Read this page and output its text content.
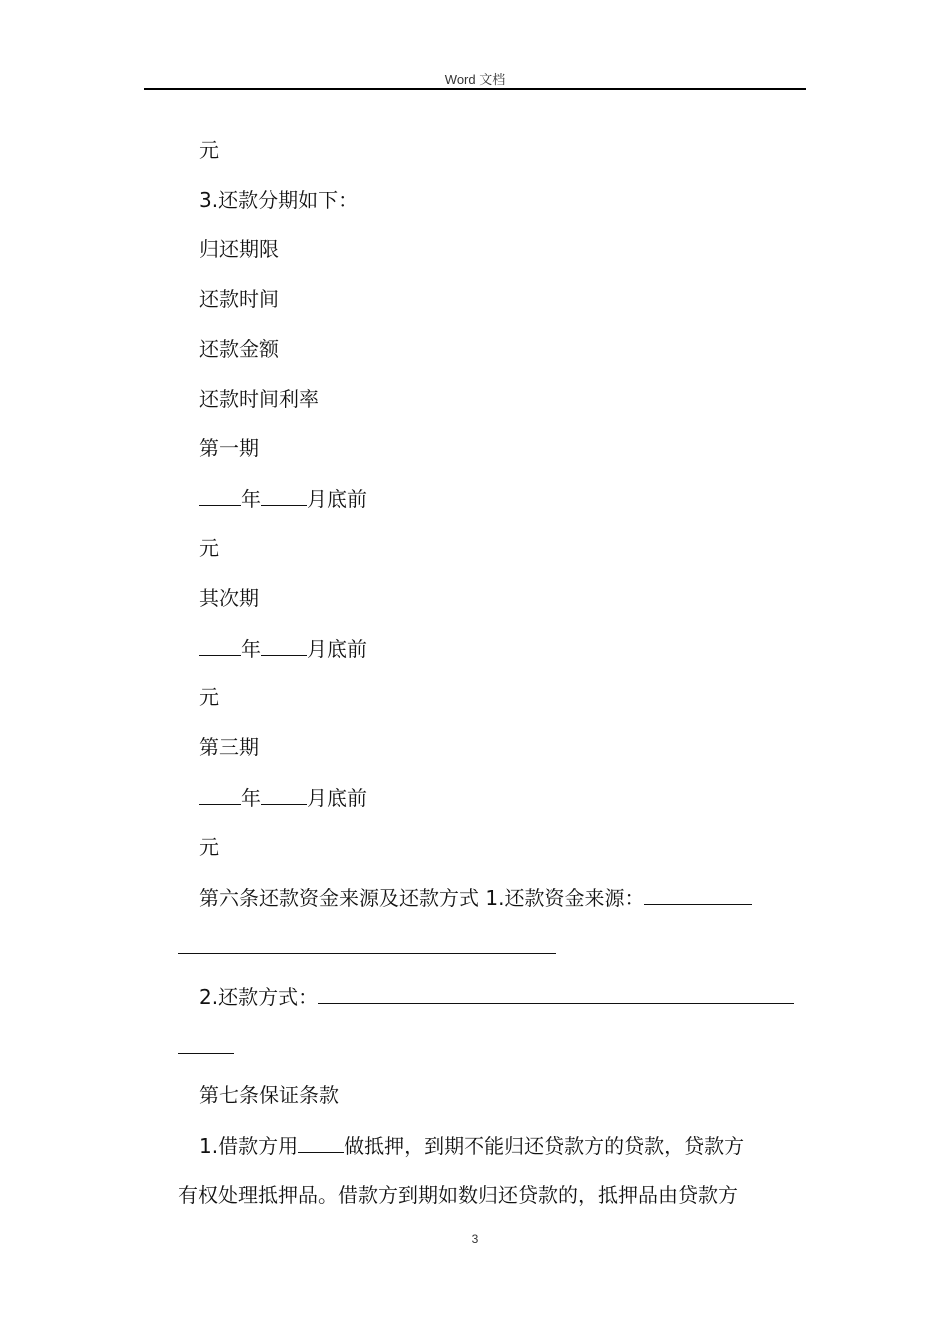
Word 文档
元
3.还款分期如下：
归还期限
还款时间
还款金额
还款时间利率
第一期
年 月底前
元
其次期
年 月底前
元
第三期
年 月底前
元
第六条还款资金来源及还款方式 1.还款资金来源：
2.还款方式：
第七条保证条款
1.借款方用 做抵押，到期不能归还贷款方的贷款，贷款方
有权处理抵押品。借款方到期如数归还贷款的，抵押品由贷款方
3
